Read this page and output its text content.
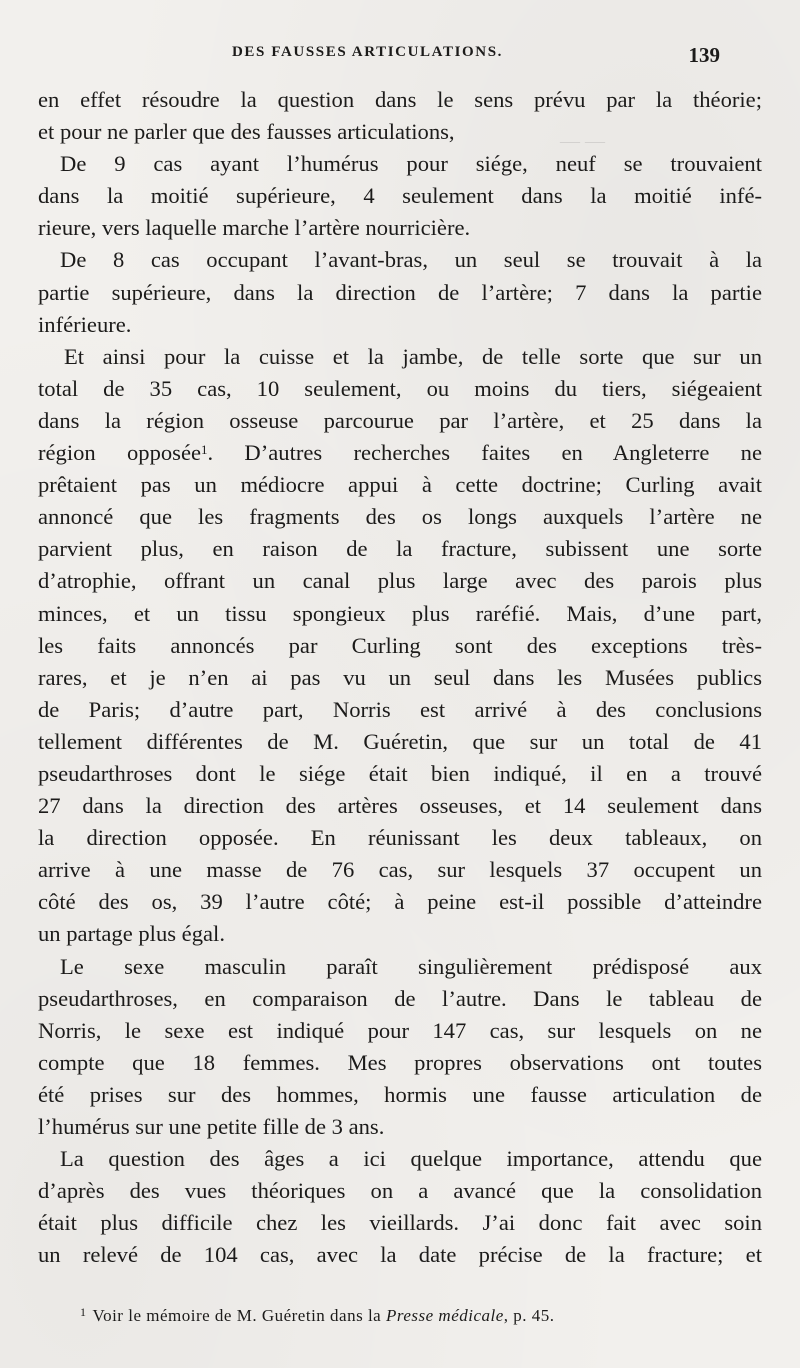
— —
DES FAUSSES ARTICULATIONS.	139
en effet résoudre la question dans le sens prévu par la théorie;
et pour ne parler que des fausses articulations,
De 9 cas ayant l’humérus pour siége, neuf se trouvaient
dans la moitié supérieure, 4 seulement dans la moitié infé-
rieure, vers laquelle marche l’artère nourricière.
De 8 cas occupant l’avant-bras, un seul se trouvait à la
partie supérieure, dans la direction de l’artère; 7 dans la partie
inférieure.
Et ainsi pour la cuisse et la jambe, de telle sorte que sur un
total de 35 cas, 10 seulement, ou moins du tiers, siégeaient
dans la région osseuse parcourue par l’artère, et 25 dans la
région opposée$^1$. D’autres recherches faites en Angleterre ne
prêtaient pas un médiocre appui à cette doctrine; Curling avait
annoncé que les fragments des os longs auxquels l’artère ne
parvient plus, en raison de la fracture, subissent une sorte
d’atrophie, offrant un canal plus large avec des parois plus
minces, et un tissu spongieux plus raréfié. Mais, d’une part,
les faits annoncés par Curling sont des exceptions très-
rares, et je n’en ai pas vu un seul dans les Musées publics
de Paris; d’autre part, Norris est arrivé à des conclusions
tellement différentes de M. Guéretin, que sur un total de 41
pseudarthroses dont le siége était bien indiqué, il en a trouvé
27 dans la direction des artères osseuses, et 14 seulement dans
la direction opposée. En réunissant les deux tableaux, on
arrive à une masse de 76 cas, sur lesquels 37 occupent un
côté des os, 39 l’autre côté; à peine est-il possible d’atteindre
un partage plus égal.
Le sexe masculin paraît singulièrement prédisposé aux
pseudarthroses, en comparaison de l’autre. Dans le tableau de
Norris, le sexe est indiqué pour 147 cas, sur lesquels on ne
compte que 18 femmes. Mes propres observations ont toutes
été prises sur des hommes, hormis une fausse articulation de
l’humérus sur une petite fille de 3 ans.
La question des âges a ici quelque importance, attendu que
d’après des vues théoriques on a avancé que la consolidation
était plus difficile chez les vieillards. J’ai donc fait avec soin
un relevé de 104 cas, avec la date précise de la fracture; et
$^1$ Voir le mémoire de M. Guéretin dans la Presse médicale, p. 45.
